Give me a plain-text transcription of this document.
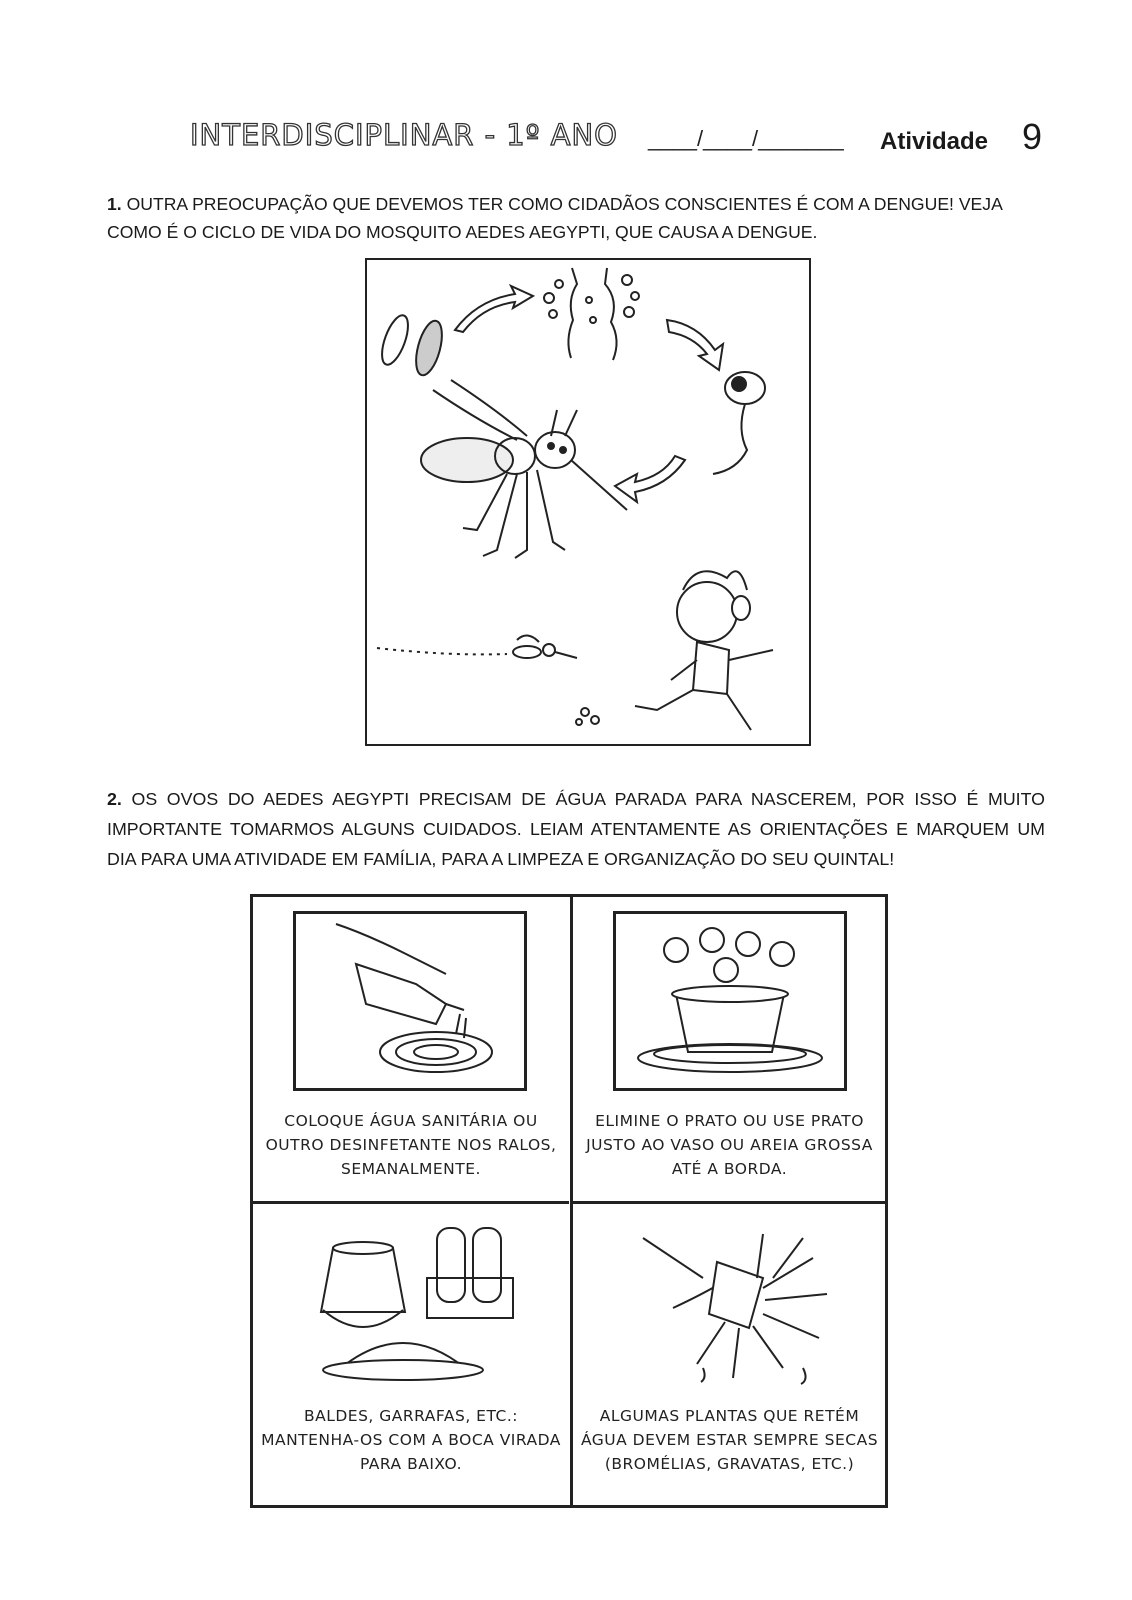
INTERDISCIPLINAR - 1º ANO ____/____/_______ Atividade 9
1. OUTRA PREOCUPAÇÃO QUE DEVEMOS TER COMO CIDADÃOS CONSCIENTES É COM A DENGUE! VEJA COMO É O CICLO DE VIDA DO MOSQUITO AEDES AEGYPTI, QUE CAUSA A DENGUE.
2. OS OVOS DO AEDES AEGYPTI PRECISAM DE ÁGUA PARADA PARA NASCEREM, POR ISSO É MUITO IMPORTANTE TOMARMOS ALGUNS CUIDADOS. LEIAM ATENTAMENTE AS ORIENTAÇÕES E MARQUEM UM DIA PARA UMA ATIVIDADE EM FAMÍLIA, PARA A LIMPEZA E ORGANIZAÇÃO DO SEU QUINTAL!
COLOQUE ÁGUA SANITÁRIA OU OUTRO DESINFETANTE NOS RALOS, SEMANALMENTE.
ELIMINE O PRATO OU USE PRATO JUSTO AO VASO OU AREIA GROSSA ATÉ A BORDA.
BALDES, GARRAFAS, ETC.: MANTENHA-OS COM A BOCA VIRADA PARA BAIXO.
ALGUMAS PLANTAS QUE RETÉM ÁGUA DEVEM ESTAR SEMPRE SECAS (BROMÉLIAS, GRAVATAS, ETC.)
